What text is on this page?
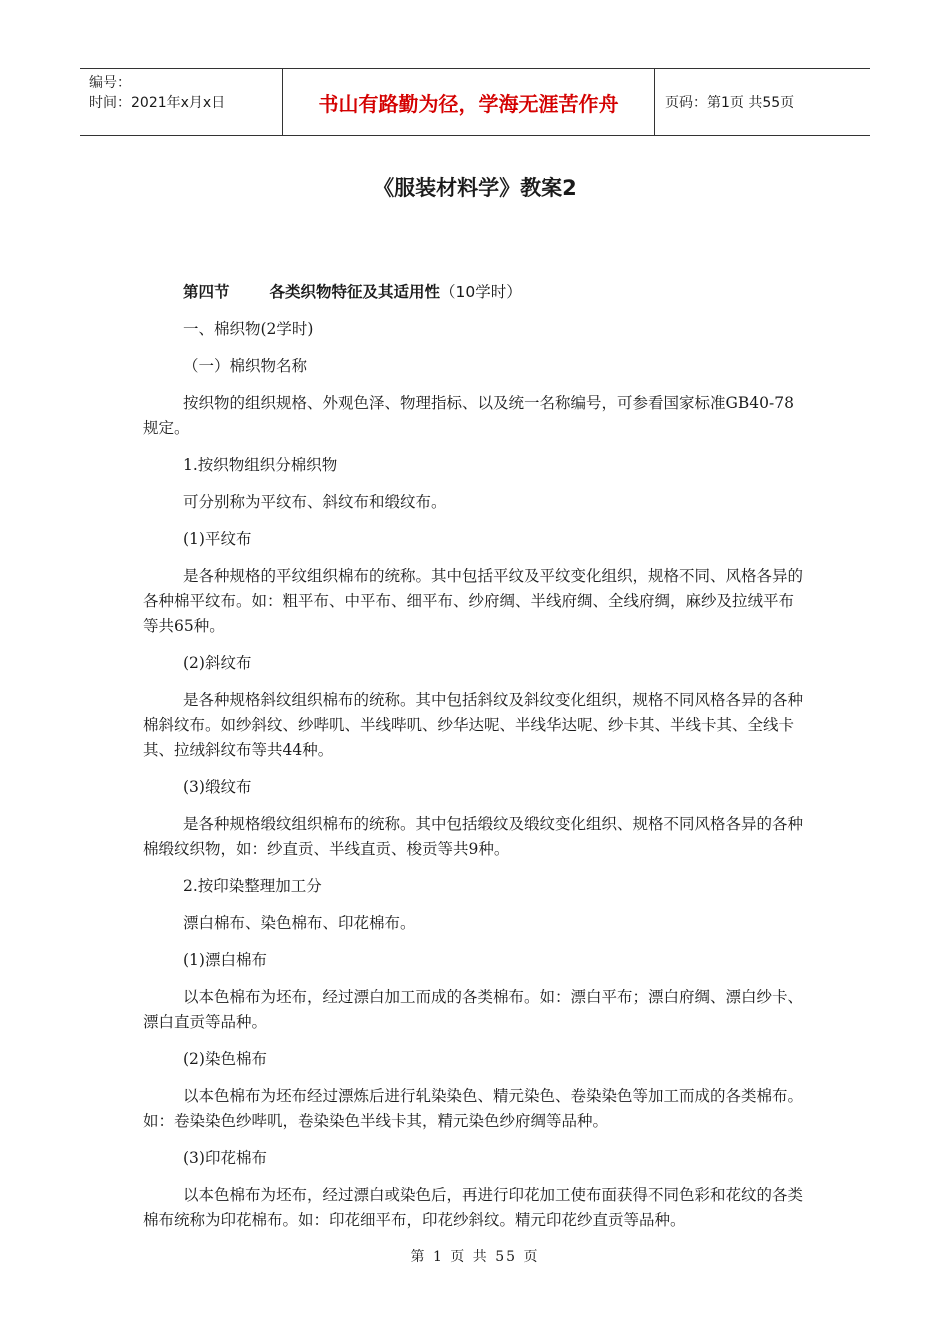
编号：
时间：2021年x月x日	书山有路勤为径，学海无涯苦作舟	页码：第1页 共55页
《服装材料学》教案2
第四节	各类织物特征及其适用性（10学时）
一、棉织物(2学时)
（一）棉织物名称
按织物的组织规格、外观色泽、物理指标、以及统一名称编号，可参看国家标准GB40-78规定。
1.按织物组织分棉织物
可分别称为平纹布、斜纹布和缎纹布。
(1)平纹布
是各种规格的平纹组织棉布的统称。其中包括平纹及平纹变化组织，规格不同、风格各异的各种棉平纹布。如：粗平布、中平布、细平布、纱府绸、半线府绸、全线府绸，麻纱及拉绒平布等共65种。
(2)斜纹布
是各种规格斜纹组织棉布的统称。其中包括斜纹及斜纹变化组织，规格不同风格各异的各种棉斜纹布。如纱斜纹、纱哔叽、半线哔叽、纱华达呢、半线华达呢、纱卡其、半线卡其、全线卡其、拉绒斜纹布等共44种。
(3)缎纹布
是各种规格缎纹组织棉布的统称。其中包括缎纹及缎纹变化组织、规格不同风格各异的各种棉缎纹织物，如：纱直贡、半线直贡、梭贡等共9种。
2.按印染整理加工分
漂白棉布、染色棉布、印花棉布。
(1)漂白棉布
以本色棉布为坯布，经过漂白加工而成的各类棉布。如：漂白平布；漂白府绸、漂白纱卡、漂白直贡等品种。
(2)染色棉布
以本色棉布为坯布经过漂炼后进行轧染染色、精元染色、卷染染色等加工而成的各类棉布。如：卷染染色纱哔叽，卷染染色半线卡其，精元染色纱府绸等品种。
(3)印花棉布
以本色棉布为坯布，经过漂白或染色后，再进行印花加工使布面获得不同色彩和花纹的各类棉布统称为印花棉布。如：印花细平布，印花纱斜纹。精元印花纱直贡等品种。
第 1 页 共 55 页
